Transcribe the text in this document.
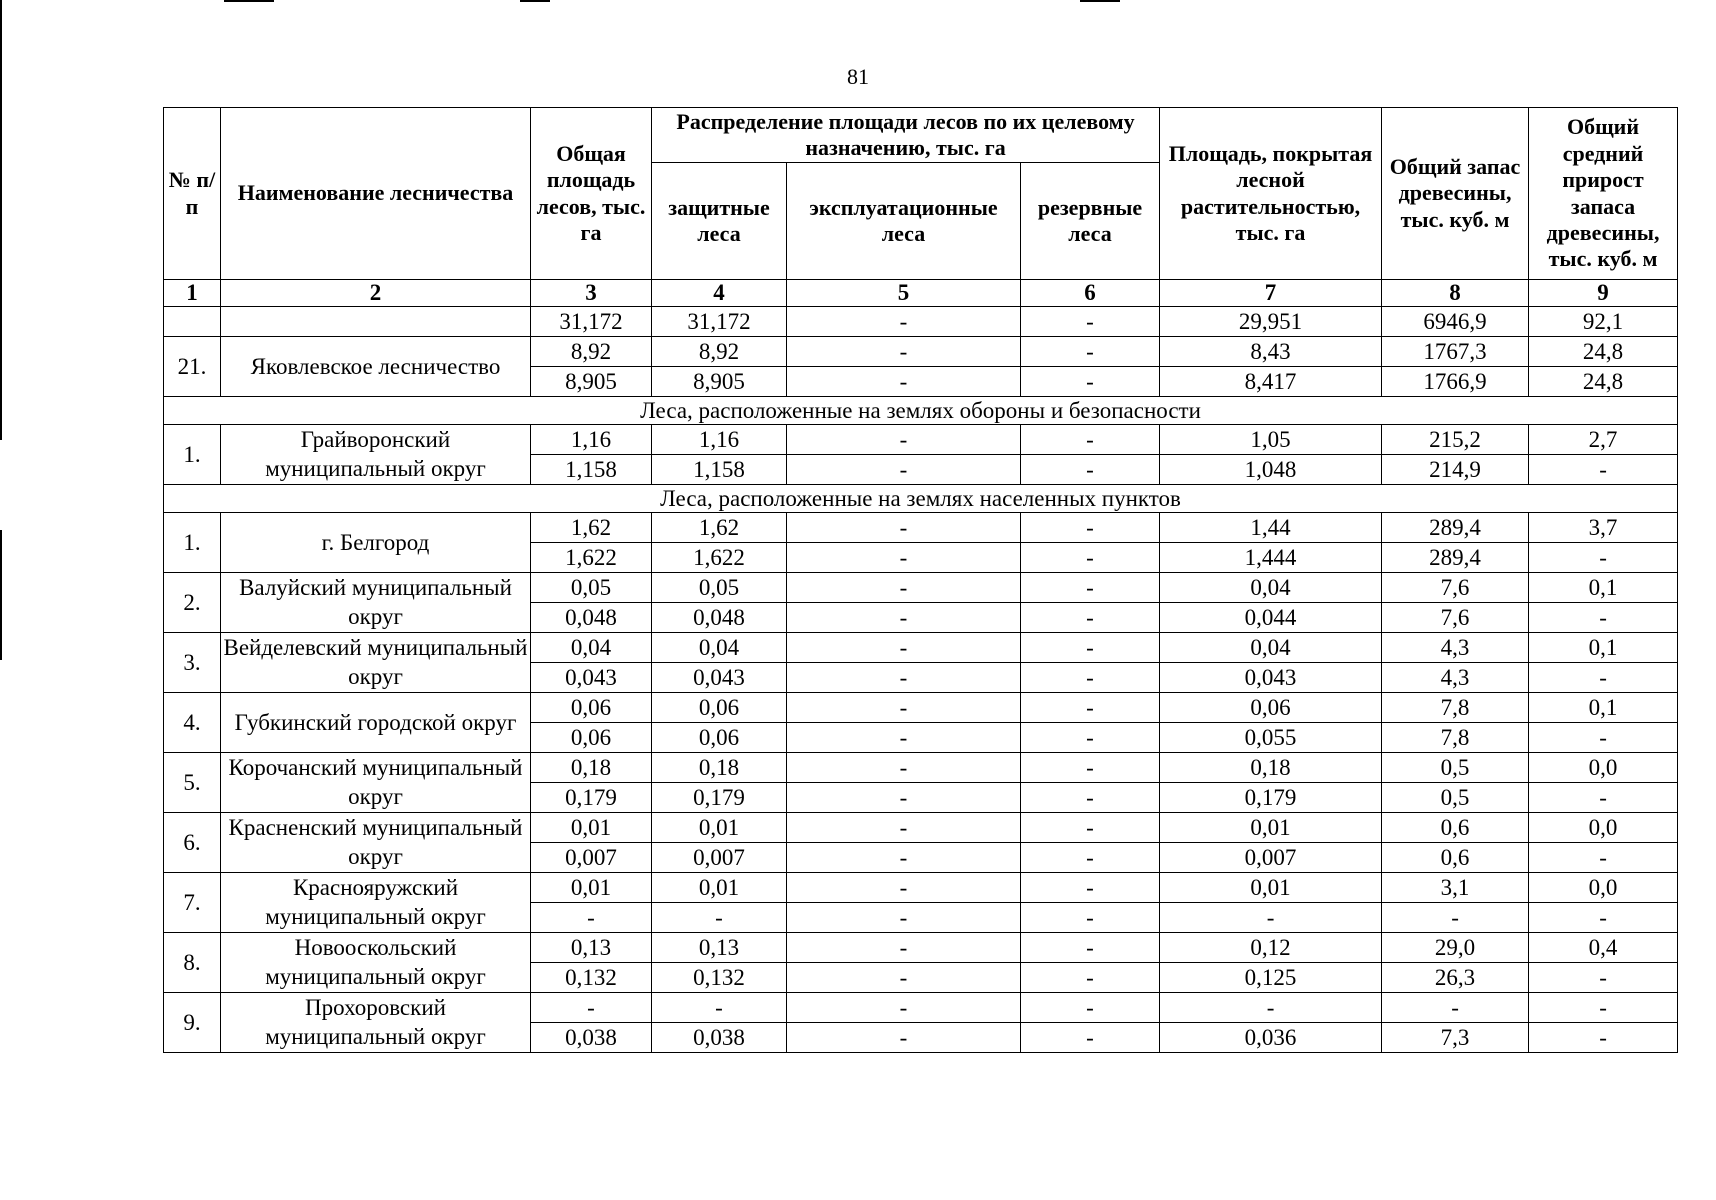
81
№ п/п	Наименование лесничества	Общая площадь лесов, тыс. га	Распределение площади лесов по их целевому назначению, тыс. га			Площадь, покрытая лесной растительностью, тыс. га	Общий запас древесины, тыс. куб. м	Общий средний прирост запаса древесины, тыс. куб. м
			защитные леса	эксплуатационные леса	резервные леса			
1	2	3	4	5	6	7	8	9
		31,172	31,172	-	-	29,951	6946,9	92,1
21.	Яковлевское лесничество	8,92	8,92	-	-	8,43	1767,3	24,8
		8,905	8,905	-	-	8,417	1766,9	24,8
Леса, расположенные на землях обороны и безопасности								
1.	Грайворонский муниципальный округ	1,16	1,16	-	-	1,05	215,2	2,7
		1,158	1,158	-	-	1,048	214,9	-
Леса, расположенные на землях населенных пунктов								
1.	г. Белгород	1,62	1,62	-	-	1,44	289,4	3,7
		1,622	1,622	-	-	1,444	289,4	-
2.	Валуйский муниципальный округ	0,05	0,05	-	-	0,04	7,6	0,1
		0,048	0,048	-	-	0,044	7,6	-
3.	Вейделевский муниципальный округ	0,04	0,04	-	-	0,04	4,3	0,1
		0,043	0,043	-	-	0,043	4,3	-
4.	Губкинский городской округ	0,06	0,06	-	-	0,06	7,8	0,1
		0,06	0,06	-	-	0,055	7,8	-
5.	Корочанский муниципальный округ	0,18	0,18	-	-	0,18	0,5	0,0
		0,179	0,179	-	-	0,179	0,5	-
6.	Красненский муниципальный округ	0,01	0,01	-	-	0,01	0,6	0,0
		0,007	0,007	-	-	0,007	0,6	-
7.	Краснояружский муниципальный округ	0,01	0,01	-	-	0,01	3,1	0,0
		-	-	-	-	-	-	-
8.	Новооскольский муниципальный округ	0,13	0,13	-	-	0,12	29,0	0,4
		0,132	0,132	-	-	0,125	26,3	-
9.	Прохоровский муниципальный округ	-	-	-	-	-	-	-
		0,038	0,038	-	-	0,036	7,3	-
